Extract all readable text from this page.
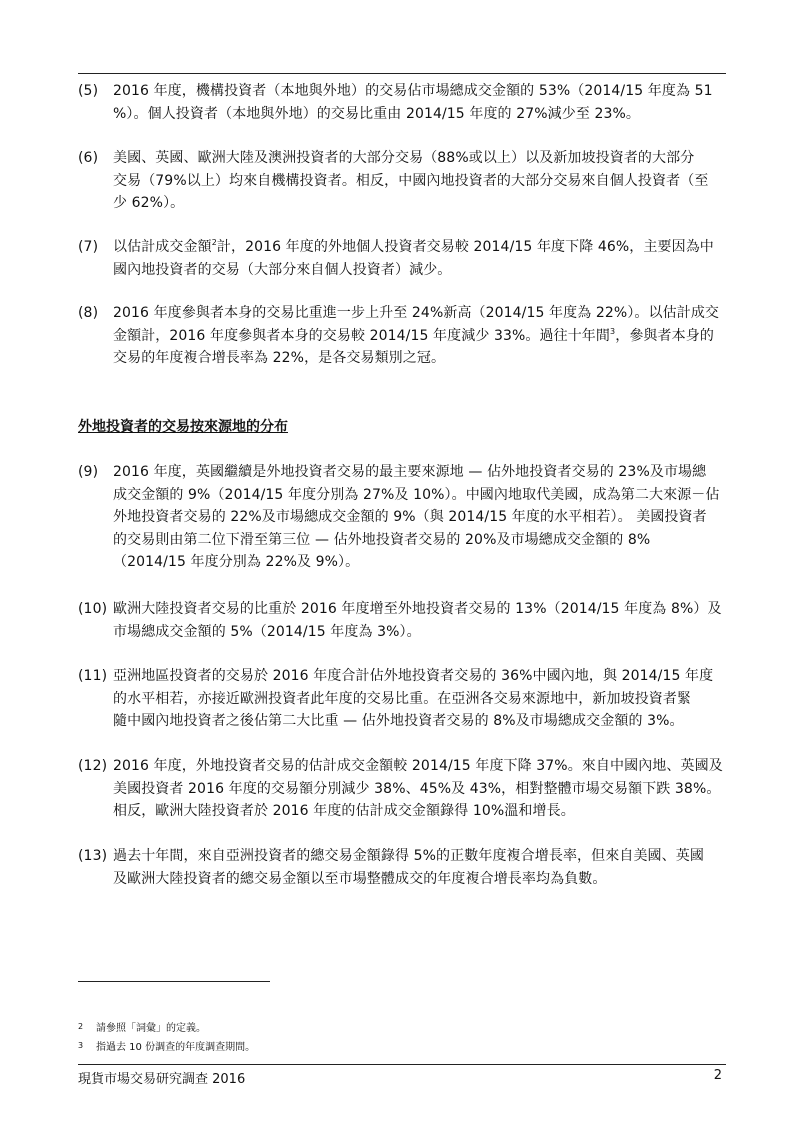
(5)	2016 年度，機構投資者（本地與外地）的交易佔市場總成交金額的 53%（2014/15 年度為 51
%）。個人投資者（本地與外地）的交易比重由 2014/15 年度的 27%減少至 23%。
(6)	美國、英國、歐洲大陸及澳洲投資者的大部分交易（88%或以上）以及新加坡投資者的大部分
交易（79%以上）均來自機構投資者。相反，中國內地投資者的大部分交易來自個人投資者（至
少 62%）。
(7)	以估計成交金額$^2$計，2016 年度的外地個人投資者交易較 2014/15 年度下降 46%，主要因為中
國內地投資者的交易（大部分來自個人投資者）減少。
(8)	2016 年度參與者本身的交易比重進一步上升至 24%新高（2014/15 年度為 22%）。以估計成交
金額計，2016 年度參與者本身的交易較 2014/15 年度減少 33%。過往十年間$^3$，參與者本身的
交易的年度複合增長率為 22%，是各交易類別之冠。
外地投資者的交易按來源地的分布
(9)	2016 年度，英國繼續是外地投資者交易的最主要來源地 — 佔外地投資者交易的 23%及市場總
成交金額的 9%（2014/15 年度分別為 27%及 10%）。中國內地取代美國，成為第二大來源－佔
外地投資者交易的 22%及市場總成交金額的 9%（與 2014/15 年度的水平相若）。 美國投資者
的交易則由第二位下滑至第三位 — 佔外地投資者交易的 20%及市場總成交金額的 8%
（2014/15 年度分別為 22%及 9%）。
(10) 歐洲大陸投資者交易的比重於 2016 年度增至外地投資者交易的 13%（2014/15 年度為 8%）及
市場總成交金額的 5%（2014/15 年度為 3%）。
(11) 亞洲地區投資者的交易於 2016 年度合計佔外地投資者交易的 36%中國內地，與 2014/15 年度
的水平相若，亦接近歐洲投資者此年度的交易比重。在亞洲各交易來源地中，新加坡投資者緊
隨中國內地投資者之後佔第二大比重 — 佔外地投資者交易的 8%及市場總成交金額的 3%。
(12) 2016 年度，外地投資者交易的估計成交金額較 2014/15 年度下降 37%。來自中國內地、英國及
美國投資者 2016 年度的交易額分別減少 38%、45%及 43%，相對整體市場交易額下跌 38%。
相反，歐洲大陸投資者於 2016 年度的估計成交金額錄得 10%溫和增長。
(13) 過去十年間，來自亞洲投資者的總交易金額錄得 5%的正數年度複合增長率，但來自美國、英國
及歐洲大陸投資者的總交易金額以至市場整體成交的年度複合增長率均為負數。
2 請參照「詞彙」的定義。
3 指過去 10 份調查的年度調查期間。
現貨市場交易研究調查 2016	2
